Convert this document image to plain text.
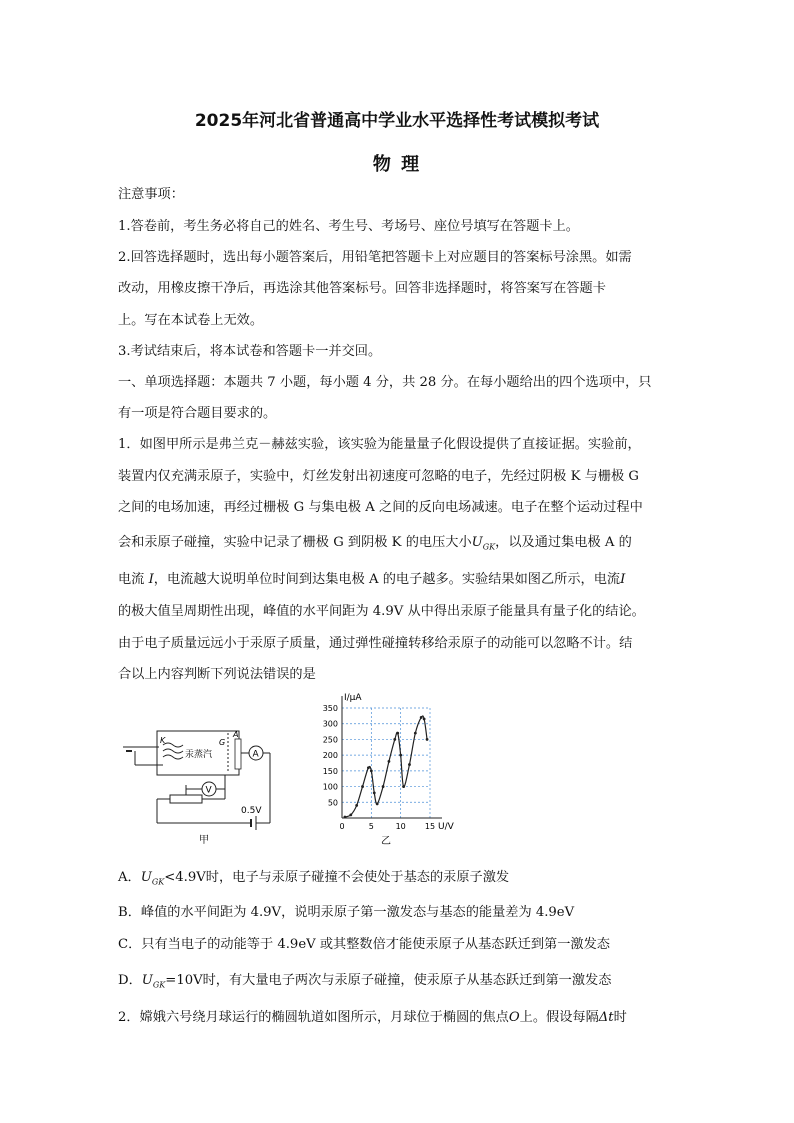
2025年河北省普通高中学业水平选择性考试模拟考试
物 理
注意事项：
1.答卷前，考生务必将自己的姓名、考生号、考场号、座位号填写在答题卡上。
2.回答选择题时，选出每小题答案后，用铅笔把答题卡上对应题目的答案标号涂黑。如需
改动，用橡皮擦干净后，再选涂其他答案标号。回答非选择题时，将答案写在答题卡
上。写在本试卷上无效。
3.考试结束后，将本试卷和答题卡一并交回。
一、单项选择题：本题共 7 小题，每小题 4 分，共 28 分。在每小题给出的四个选项中，只
有一项是符合题目要求的。
1．如图甲所示是弗兰克－赫兹实验，该实验为能量量子化假设提供了直接证据。实验前，
装置内仅充满汞原子，实验中，灯丝发射出初速度可忽略的电子，先经过阴极 K 与栅极 G
之间的电场加速，再经过栅极 G 与集电极 A 之间的反向电场减速。电子在整个运动过程中
会和汞原子碰撞，实验中记录了栅极 G 到阴极 K 的电压大小$U_{GK}$，以及通过集电极 A 的
电流 I，电流越大说明单位时间到达集电极 A 的电子越多。实验结果如图乙所示，电流I
的极大值呈周期性出现，峰值的水平间距为 4.9V 从中得出汞原子能量具有量子化的结论。
由于电子质量远远小于汞原子质量，通过弹性碰撞转移给汞原子的动能可以忽略不计。结
合以上内容判断下列说法错误的是
K	G
A
汞蒸汽	A
0.5V
V
甲
I/μA
U/V
50
100
150
200
250
300
350
0	5	10 15
乙
A．$U_{GK}<4.9V$时，电子与汞原子碰撞不会使处于基态的汞原子激发
B．峰值的水平间距为 4.9V，说明汞原子第一激发态与基态的能量差为 4.9eV
C．只有当电子的动能等于 4.9eV 或其整数倍才能使汞原子从基态跃迁到第一激发态
D．$U_{GK}=10V$时，有大量电子两次与汞原子碰撞，使汞原子从基态跃迁到第一激发态
2．嫦娥六号绕月球运行的椭圆轨道如图所示，月球位于椭圆的焦点O上。假设每隔Δt时
